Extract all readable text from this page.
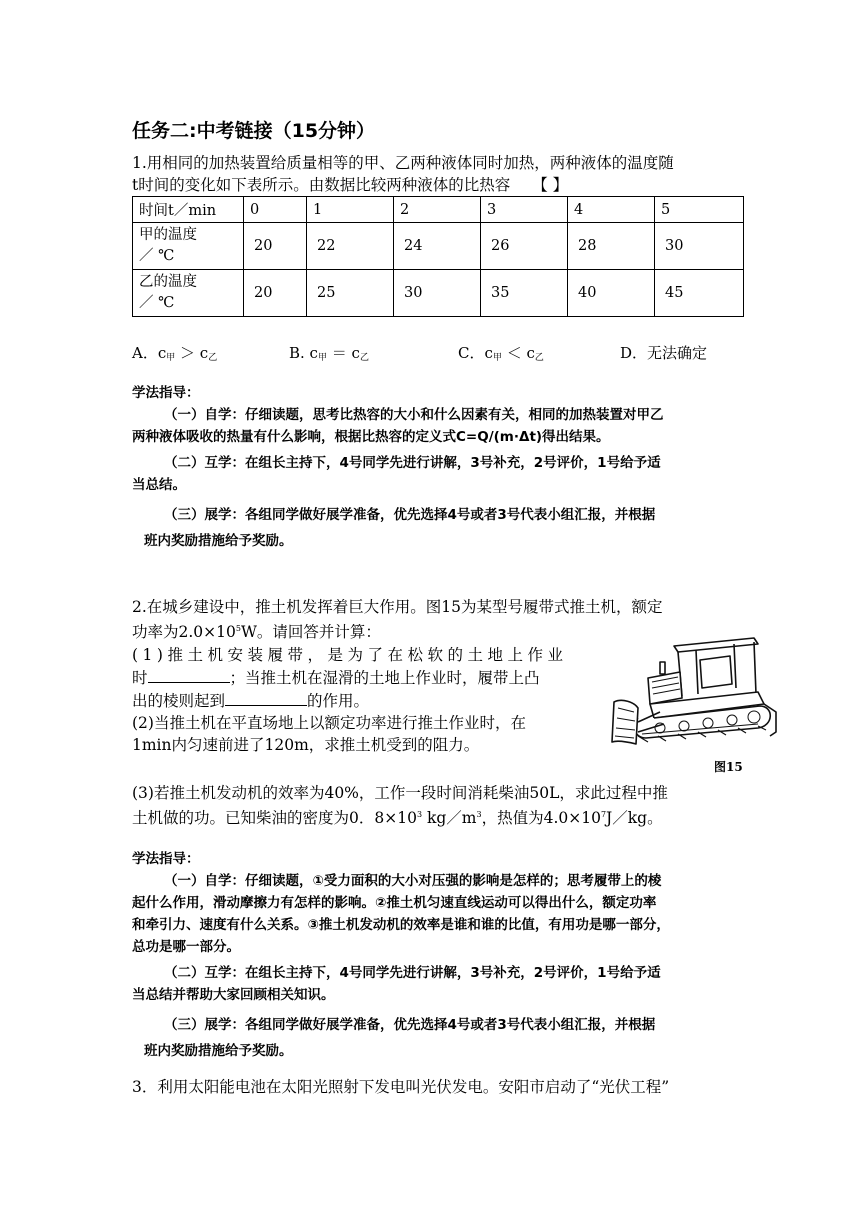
任务二:中考链接（15分钟）
1.用相同的加热装置给质量相等的甲、乙两种液体同时加热，两种液体的温度随
t时间的变化如下表所示。由数据比较两种液体的比热容 【 】
时间t／min	0	1	2	3	4	5
甲的温度
／ ℃	20	22	24	26	28	30
乙的温度
／ ℃	20	25	30	35	40	45
A．$c_甲 > c_乙$	B. $c_甲 = c_乙$	C．$c_甲 < c_乙$	D．无法确定
学法指导：
（一）自学：仔细读题，思考比热容的大小和什么因素有关，相同的加热装置对甲乙
两种液体吸收的热量有什么影响，根据比热容的定义式C=Q/(m·Δt)得出结果。
（二）互学：在组长主持下，4号同学先进行讲解，3号补充，2号评价，1号给予适
当总结。
（三）展学：各组同学做好展学准备，优先选择4号或者3号代表小组汇报，并根据
班内奖励措施给予奖励。
2.在城乡建设中，推土机发挥着巨大作用。图15为某型号履带式推土机，额定
功率为$2.0\times 10^5W$。请回答并计算：
(1)推土机安装履带，是为了在松软的土地上作业
时	；当推土机在湿滑的土地上作业时，履带上凸
出的棱则起到	的作用。
(2)当推土机在平直场地上以额定功率进行推土作业时，在
1min内匀速前进了120m，求推土机受到的阻力。
图15
(3)若推土机发动机的效率为40%，工作一段时间消耗柴油50L，求此过程中推
土机做的功。已知柴油的密度为0．$8\times 10^3$ $kg/m^3$，热值为$4.0\times 10^7J/kg$。
学法指导：
（一）自学：仔细读题，①受力面积的大小对压强的影响是怎样的；思考履带上的棱
起什么作用，滑动摩擦力有怎样的影响。②推土机匀速直线运动可以得出什么，额定功率
和牵引力、速度有什么关系。③推土机发动机的效率是谁和谁的比值，有用功是哪一部分，
总功是哪一部分。
（二）互学：在组长主持下，4号同学先进行讲解，3号补充，2号评价，1号给予适
当总结并帮助大家回顾相关知识。
（三）展学：各组同学做好展学准备，优先选择4号或者3号代表小组汇报，并根据
班内奖励措施给予奖励。
3．利用太阳能电池在太阳光照射下发电叫光伏发电。安阳市启动了“光伏工程”
